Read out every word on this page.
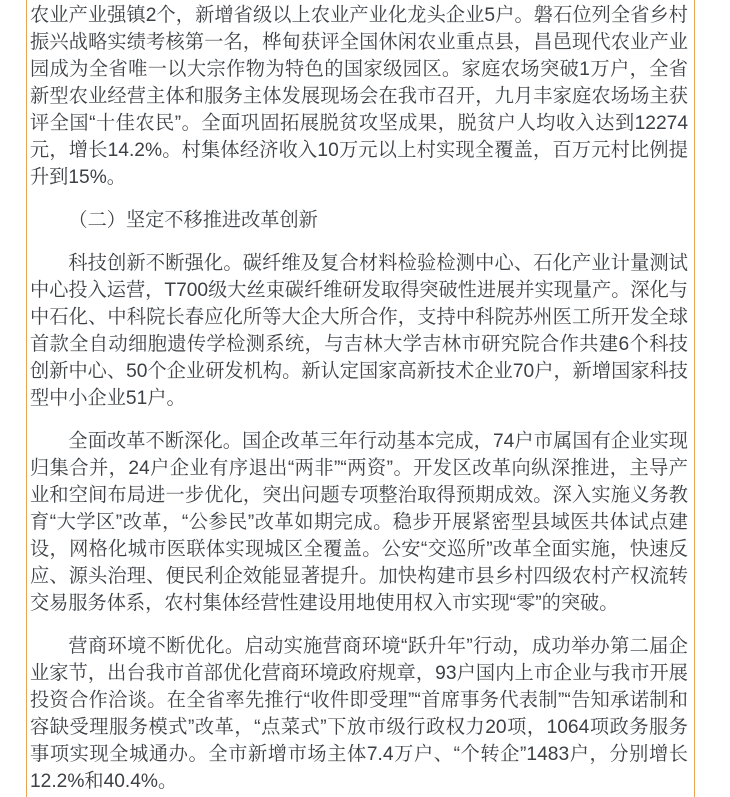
农业产业强镇2个，新增省级以上农业产业化龙头企业5户。磐石位列全省乡村振兴战略实绩考核第一名，桦甸获评全国休闲农业重点县，昌邑现代农业产业园成为全省唯一以大宗作物为特色的国家级园区。家庭农场突破1万户，全省新型农业经营主体和服务主体发展现场会在我市召开，九月丰家庭农场场主获评全国“十佳农民”。全面巩固拓展脱贫攻坚成果，脱贫户人均收入达到12274元，增长14.2%。村集体经济收入10万元以上村实现全覆盖，百万元村比例提升到15%。

（二）坚定不移推进改革创新

科技创新不断强化。碳纤维及复合材料检验检测中心、石化产业计量测试中心投入运营，T700级大丝束碳纤维研发取得突破性进展并实现量产。深化与中石化、中科院长春应化所等大企大所合作，支持中科院苏州医工所开发全球首款全自动细胞遗传学检测系统，与吉林大学吉林市研究院合作共建6个科技创新中心、50个企业研发机构。新认定国家高新技术企业70户，新增国家科技型中小企业51户。

全面改革不断深化。国企改革三年行动基本完成，74户市属国有企业实现归集合并，24户企业有序退出“两非”“两资”。开发区改革向纵深推进，主导产业和空间布局进一步优化，突出问题专项整治取得预期成效。深入实施义务教育“大学区”改革，“公参民”改革如期完成。稳步开展紧密型县域医共体试点建设，网格化城市医联体实现城区全覆盖。公安“交巡所”改革全面实施，快速反应、源头治理、便民利企效能显著提升。加快构建市县乡村四级农村产权流转交易服务体系，农村集体经营性建设用地使用权入市实现“零”的突破。

营商环境不断优化。启动实施营商环境“跃升年”行动，成功举办第二届企业家节，出台我市首部优化营商环境政府规章，93户国内上市企业与我市开展投资合作洽谈。在全省率先推行“收件即受理”“首席事务代表制”“告知承诺制和容缺受理服务模式”改革，“点菜式”下放市级行政权力20项，1064项政务服务事项实现全城通办。全市新增市场主体7.4万户、“个转企”1483户，分别增长12.2%和40.4%。
